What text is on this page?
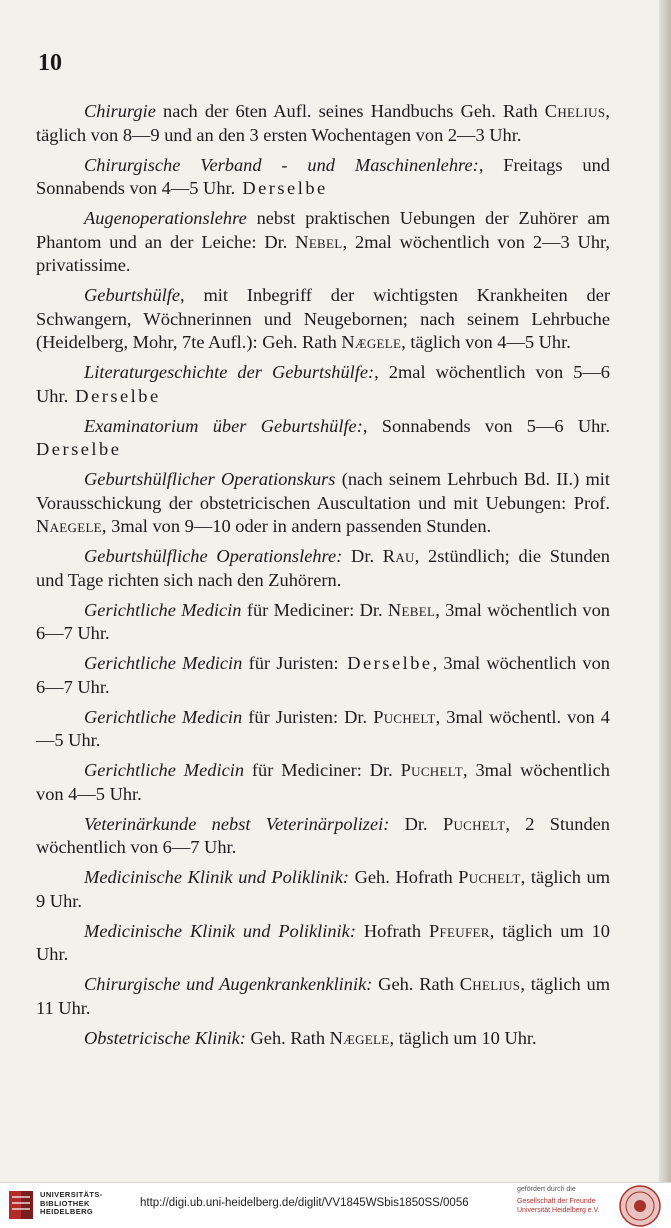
10

Chirurgie nach der 6ten Aufl. seines Handbuchs Geh. Rath Chelius, täglich von 8—9 und an den 3 ersten Wochentagen von 2—3 Uhr.

Chirurgische Verband - und Maschinenlehre:, Freitags und Sonnabends von 4—5 Uhr. Derselbe

Augenoperationslehre nebst praktischen Uebungen der Zuhörer am Phantom und an der Leiche: Dr. Nebel, 2mal wöchentlich von 2—3 Uhr, privatissime.

Geburtshülfe, mit Inbegriff der wichtigsten Krankheiten der Schwangern, Wöchnerinnen und Neugebornen; nach seinem Lehrbuche (Heidelberg, Mohr, 7te Aufl.): Geh. Rath Nægele, täglich von 4—5 Uhr.

Literaturgeschichte der Geburtshülfe:, 2mal wöchentlich von 5—6 Uhr. Derselbe

Examinatorium über Geburtshülfe:, Sonnabends von 5—6 Uhr. Derselbe

Geburtshülflicher Operationskurs (nach seinem Lehrbuch Bd. II.) mit Vorausschickung der obstetricischen Auscultation und mit Uebungen: Prof. Naegele, 3mal von 9—10 oder in andern passenden Stunden.

Geburtshülfliche Operationslehre: Dr. Rau, 2stündlich; die Stunden und Tage richten sich nach den Zuhörern.

Gerichtliche Medicin für Mediciner: Dr. Nebel, 3mal wöchentlich von 6—7 Uhr.

Gerichtliche Medicin für Juristen: Derselbe, 3mal wöchentlich von 6—7 Uhr.

Gerichtliche Medicin für Juristen: Dr. Puchelt, 3mal wöchentl. von 4—5 Uhr.

Gerichtliche Medicin für Mediciner: Dr. Puchelt, 3mal wöchentlich von 4—5 Uhr.

Veterinärkunde nebst Veterinärpolizei: Dr. Puchelt, 2 Stunden wöchentlich von 6—7 Uhr.

Medicinische Klinik und Poliklinik: Geh. Hofrath Puchelt, täglich um 9 Uhr.

Medicinische Klinik und Poliklinik: Hofrath Pfeufer, täglich um 10 Uhr.

Chirurgische und Augenkrankenklinik: Geh. Rath Chelius, täglich um 11 Uhr.

Obstetricische Klinik: Geh. Rath Nægele, täglich um 10 Uhr.

UNIVERSITÄTS-
BIBLIOTHEK
HEIDELBERG
http://digi.ub.uni-heidelberg.de/diglit/VV1845WSbis1850SS/0056
gefördert durch die
Gesellschaft der Freunde
Universität Heidelberg e.V.
